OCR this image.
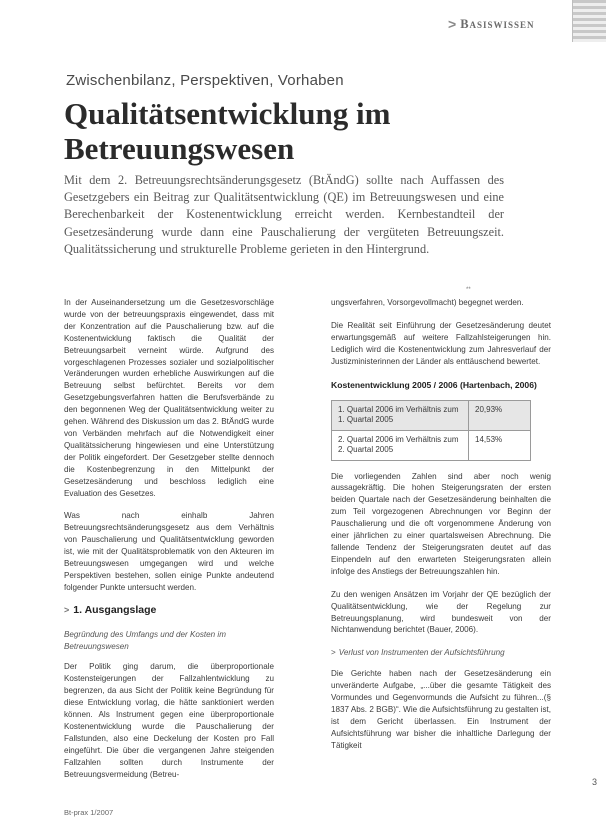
> Basiswissen
Zwischenbilanz, Perspektiven, Vorhaben
Qualitätsentwicklung im Betreuungswesen
Mit dem 2. Betreuungsrechtsänderungsgesetz (BtÄndG) sollte nach Auffassen des Gesetzgebers ein Beitrag zur Qualitätsentwicklung (QE) im Betreuungswesen und eine Berechenbarkeit der Kostenentwicklung erreicht werden. Kernbestandteil der Gesetzesänderung wurde dann eine Pauschalierung der vergüteten Betreuungszeit. Qualitätssicherung und strukturelle Probleme gerieten in den Hintergrund.
**

In der Auseinandersetzung um die Gesetzesvorschläge wurde von der betreuungspraxis eingewendet, dass mit der Konzentration auf die Pauschalierung bzw. auf die Kostenentwicklung faktisch die Qualität der Betreuungsarbeit verneint würde. Aufgrund des vorgeschlagenen Prozesses sozialer und sozialpolitischer Veränderungen wurden erhebliche Auswirkungen auf die Betreuung selbst befürchtet. Bereits vor dem Gesetzgebungsverfahren hatten die Berufsverbände zu den begonnenen Weg der Qualitätsentwicklung weiter zu gehen. Während des Diskussion um das 2. BtÄndG wurde von Verbänden mehrfach auf die Notwendigkeit einer Qualitätssicherung hingewiesen und eine Unterstützung der Politik eingefordert. Der Gesetzgeber stellte dennoch die Kostenbegrenzung in den Mittelpunkt der Gesetzesänderung und beschloss lediglich eine Evaluation des Gesetzes.

Was nach einhalb Jahren Betreuungsrechtsänderungsgesetz aus dem Verhältnis von Pauschalierung und Qualitätsentwicklung geworden ist, wie mit der Qualitätsproblematik von den Akteuren im Betreuungswesen umgegangen wird und welche Perspektiven bestehen, sollen einige Punkte andeutend folgender Punkte untersucht werden.

> 1. Ausgangslage
Begründung des Umfangs und der Kosten im Betreuungswesen

Der Politik ging darum, die überproportionale Kostensteigerungen der Fallzahlentwicklung zu begrenzen, da aus Sicht der Politik keine Begründung für diese Entwicklung vorlag, die hätte sanktioniert werden können. Als Instrument gegen eine überproportionale Kostenentwicklung wurde die Pauschalierung der Fallstunden, also eine Deckelung der Kosten pro Fall eingeführt. Die über die vergangenen Jahre steigenden Fallzahlen sollten durch Instrumente der Betreuungsvermeidung (Betreu-

ungsverfahren, Vorsorgevollmacht) begegnet werden.

Die Realität seit Einführung der Gesetzesänderung deutet erwartungsgemäß auf weitere Fallzahlsteigerungen hin. Lediglich wird die Kostenentwicklung zum Jahresverlauf der Justizministerinnen der Länder als enttäuschend bewertet.

Kostenentwicklung 2005 / 2006 (Hartenbach, 2006)
1. Quartal 2006 im Verhältnis zum 1. Quartal 2005	20,93%
2. Quartal 2006 im Verhältnis zum 2. Quartal 2005	14,53%

Die vorliegenden Zahlen sind aber noch wenig aussagekräftig. Die hohen Steigerungsraten der ersten beiden Quartale nach der Gesetzesänderung beinhalten die zum Teil vorgezogenen Abrechnungen vor Beginn der Pauschalierung und die oft vorgenommene Änderung von einer jährlichen zu einer quartalsweisen Abrechnung. Die fallende Tendenz der Steigerungsraten deutet auf das Einpendeln auf den erwarteten Steigerungsraten allein infolge des Anstiegs der Betreuungszahlen hin.

Zu den wenigen Ansätzen im Vorjahr der QE bezüglich der Qualitätsentwicklung, wie der Regelung zur Betreuungsplanung, wird bundesweit von der Nichtanwendung berichtet (Bauer, 2006).

> Verlust von Instrumenten der Aufsichtsführung

Die Gerichte haben nach der Gesetzesänderung ein unveränderte Aufgabe, „...über die gesamte Tätigkeit des Vormundes und Gegenvormunds die Aufsicht zu führen...(§ 1837 Abs. 2 BGB)“. Wie die Aufsichtsführung zu gestalten ist, ist dem Gericht überlassen. Ein Instrument der Aufsichtsführung war bisher die inhaltliche Darlegung der Tätigkeit

3
Bt-prax 1/2007
